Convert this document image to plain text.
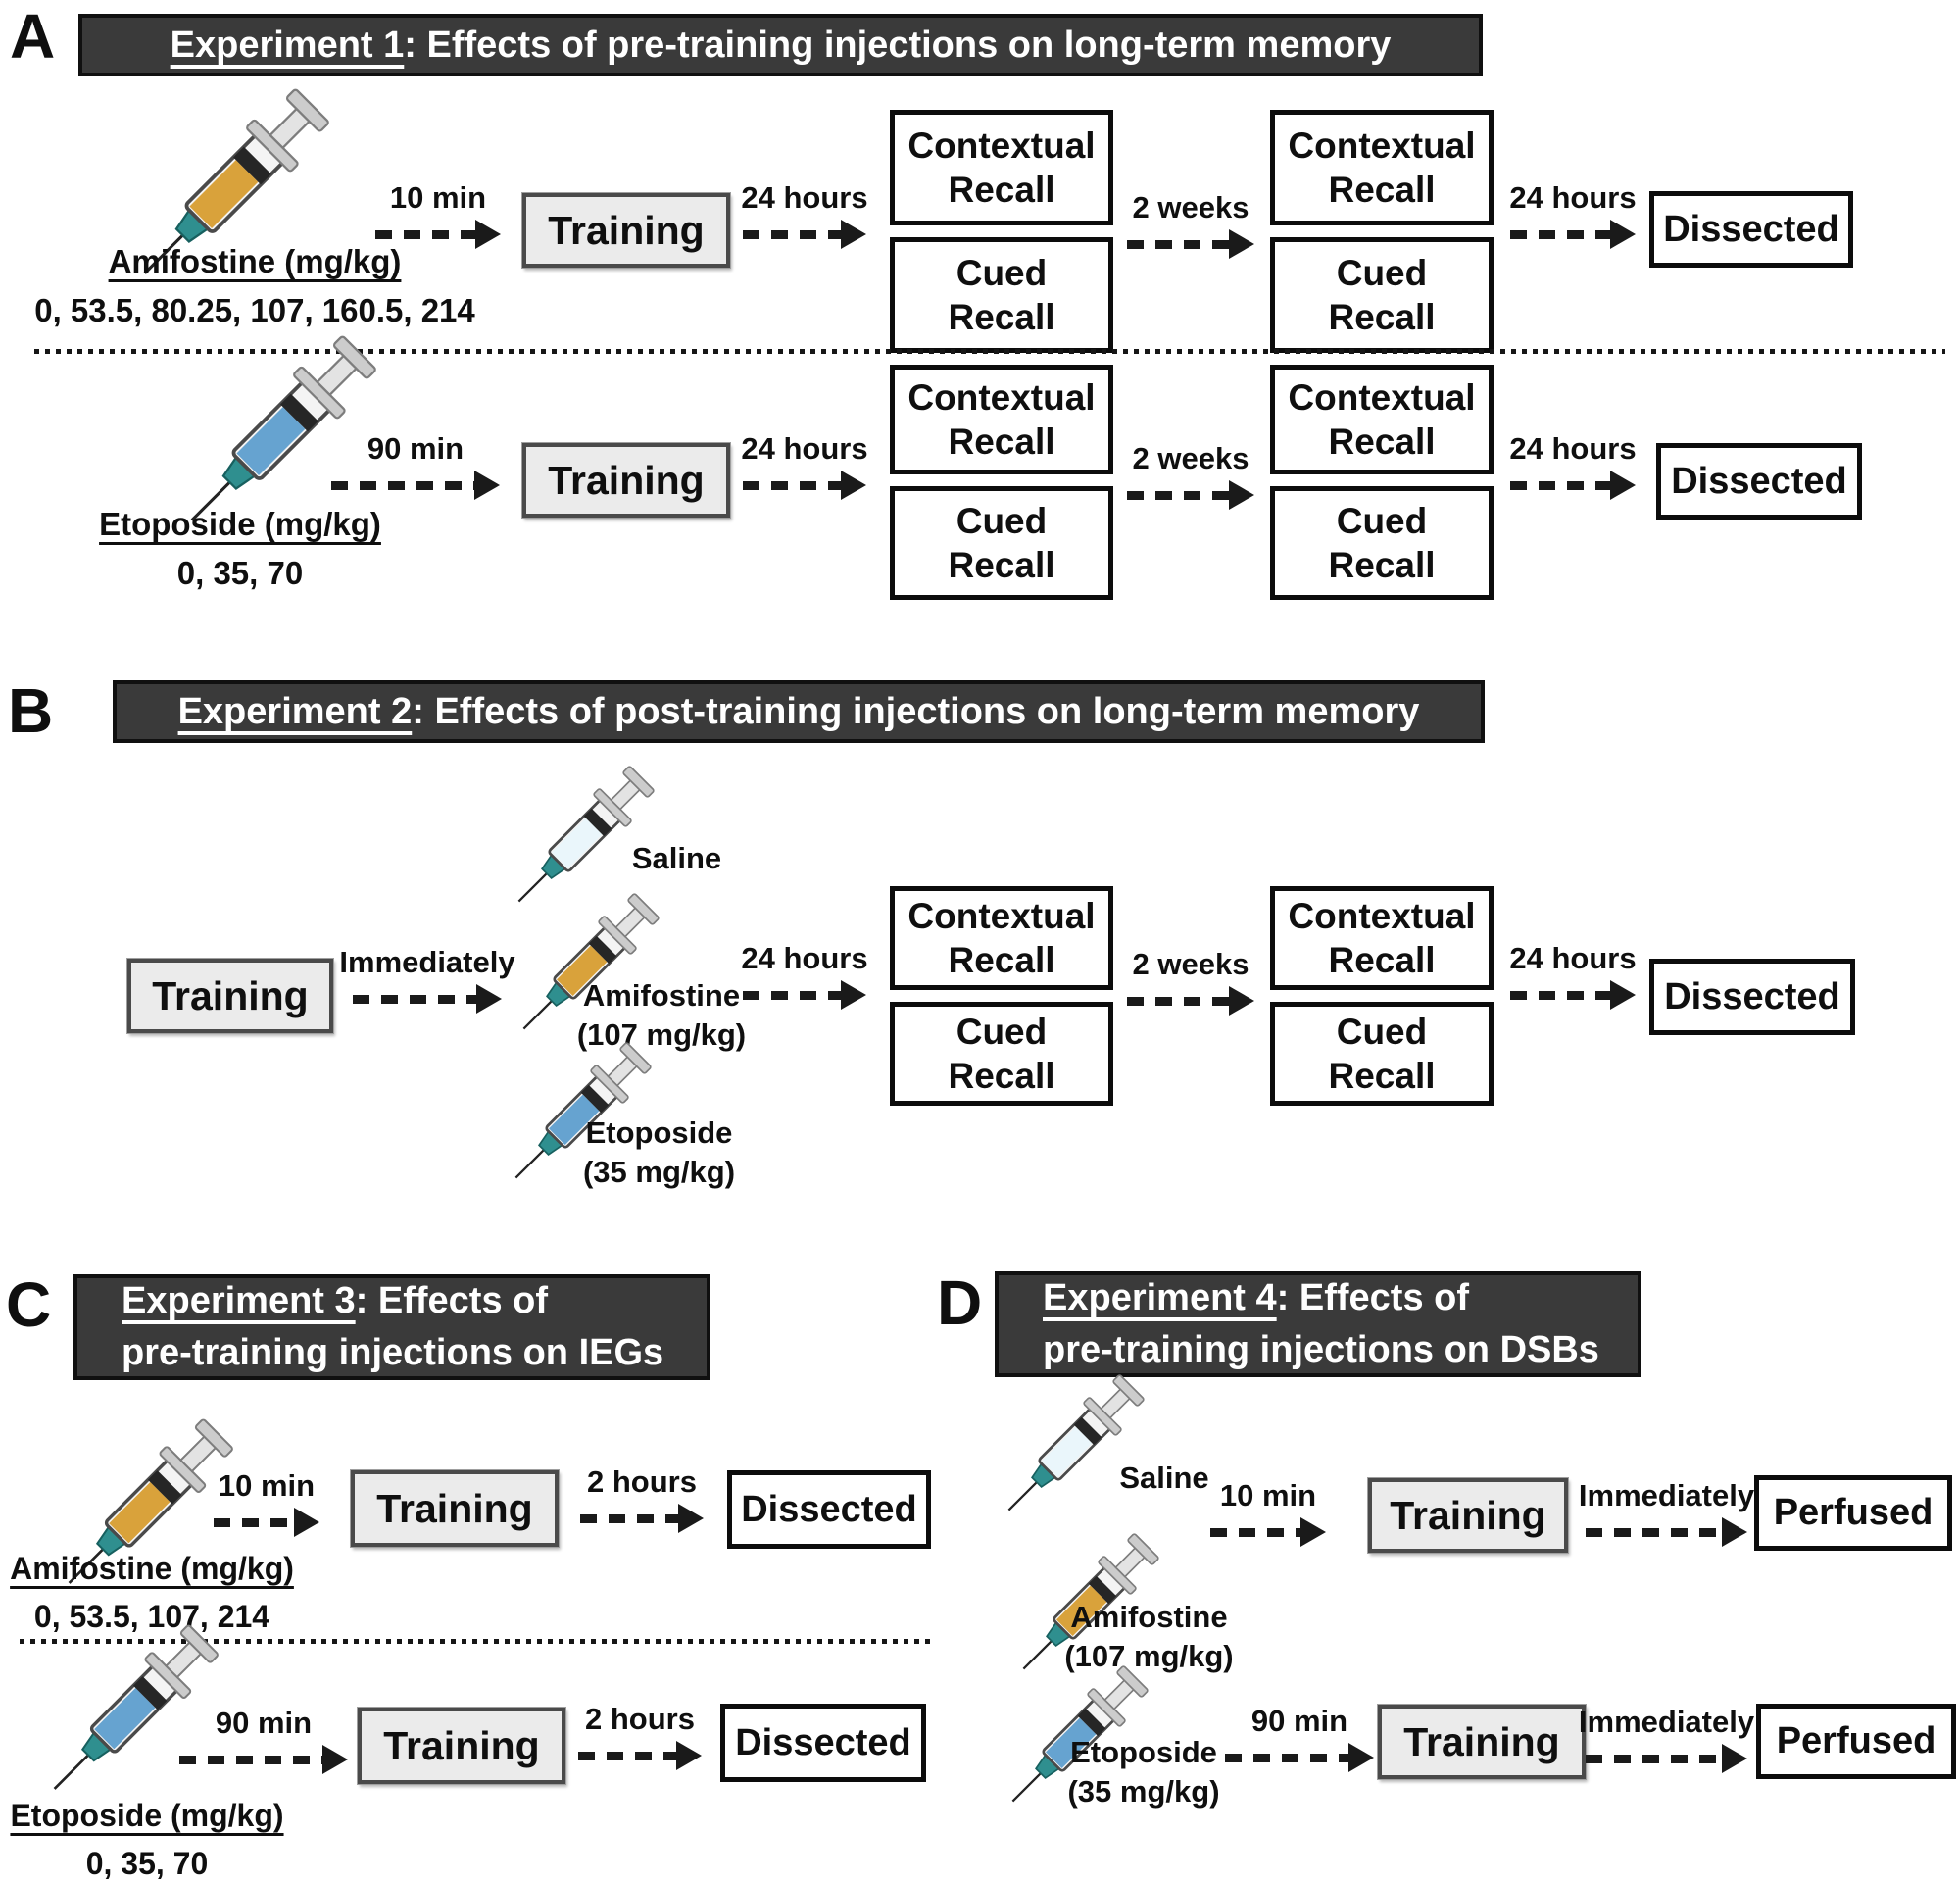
A	Experiment 1: Effects of pre-training injections on long-term memory
Amifostine (mg/kg)
0, 53.5, 80.25, 107, 160.5, 214
10 min
Training
24 hours
Contextual
Recall
Cued
Recall
2 weeks
Contextual
Recall
Cued
Recall
24 hours
Dissected
Etoposide (mg/kg)
0, 35, 70
90 min
Training
24 hours
Contextual
Recall
Cued
Recall
2 weeks
Contextual
Recall
Cued
Recall
24 hours
Dissected
B	Experiment 2: Effects of post-training injections on long-term memory
Training
Immediately
Saline
Amifostine
(107 mg/kg)
Etoposide
(35 mg/kg)
24 hours
Contextual
Recall
Cued
Recall
2 weeks
Contextual
Recall
Cued
Recall
24 hours
Dissected
C Experiment 3: Effects of
pre-training injections on IEGs
Amifostine (mg/kg)
0, 53.5, 107, 214
10 min Training
2 hours
Dissected
Etoposide (mg/kg)
0, 35, 70
90 min Training
2 hours
Dissected
D Experiment 4: Effects of
pre-training injections on DSBs
Saline
Amifostine
(107 mg/kg)
10 min Training Immediately Perfused
Etoposide
(35 mg/kg)
90 min Training Immediately Perfused
